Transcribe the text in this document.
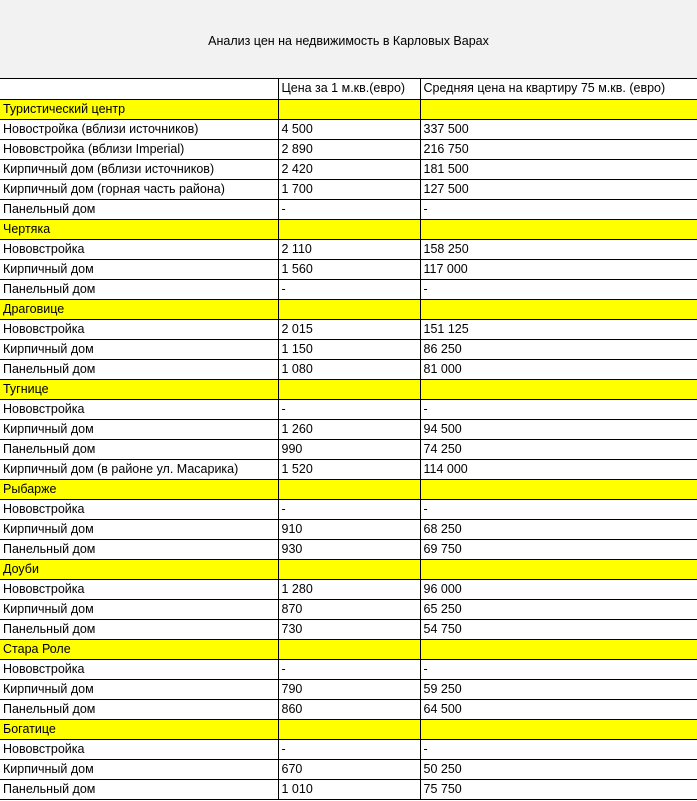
Анализ цен на недвижимость в Карловых Варах
	Цена за 1 м.кв.(евро)	Средняя цена на квартиру 75 м.кв. (евро)
Туристический центр		
Новостройка (вблизи источников)	4 500	337 500
Нововстройка (вблизи Imperial)	2 890	216 750
Кирпичный дом (вблизи источников)	2 420	181 500
Кирпичный дом (горная часть района)	1 700	127 500
Панельный дом	-	-
Чертяка		
Нововстройка	2 110	158 250
Кирпичный дом	1 560	117 000
Панельный дом	-	-
Драговице		
Нововстройка	2 015	151 125
Кирпичный дом	1 150	86 250
Панельный дом	1 080	81 000
Тугнице		
Нововстройка	-	-
Кирпичный дом	1 260	94 500
Панельный дом	990	74 250
Кирпичный дом (в районе ул. Масарика)	1 520	114 000
Рыбарже		
Нововстройка	-	-
Кирпичный дом	910	68 250
Панельный дом	930	69 750
Доуби		
Нововстройка	1 280	96 000
Кирпичный дом	870	65 250
Панельный дом	730	54 750
Стара Роле		
Нововстройка	-	-
Кирпичный дом	790	59 250
Панельный дом	860	64 500
Богатице		
Нововстройка	-	-
Кирпичный дом	670	50 250
Панельный дом	1 010	75 750
